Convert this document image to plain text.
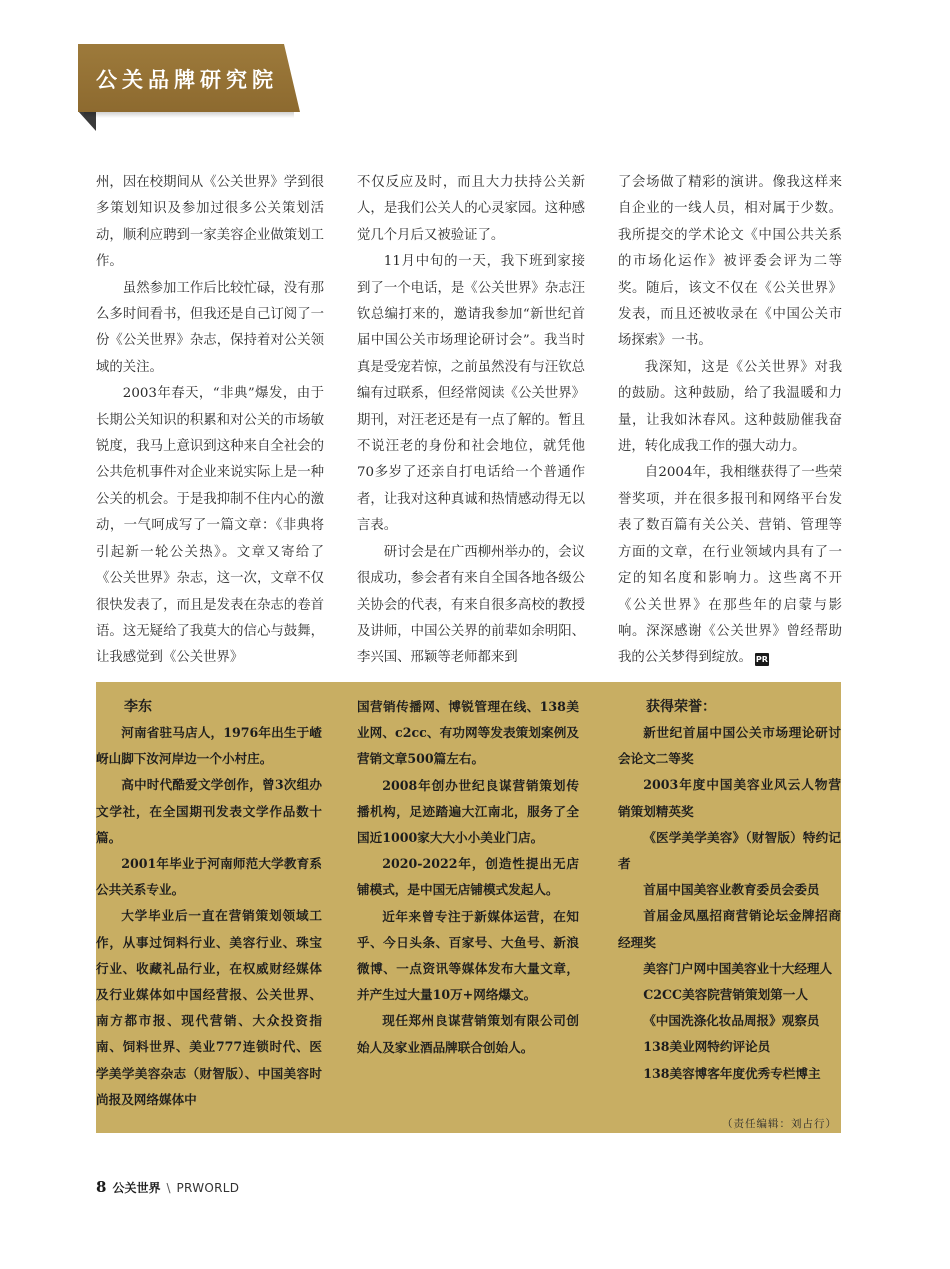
公关品牌研究院

州，因在校期间从《公关世界》学到很多策划知识及参加过很多公关策划活动，顺利应聘到一家美容企业做策划工作。

虽然参加工作后比较忙碌，没有那么多时间看书，但我还是自己订阅了一份《公关世界》杂志，保持着对公关领域的关注。

2003年春天，“非典”爆发，由于长期公关知识的积累和对公关的市场敏锐度，我马上意识到这种来自全社会的公共危机事件对企业来说实际上是一种公关的机会。于是我抑制不住内心的激动，一气呵成写了一篇文章：《非典将引起新一轮公关热》。文章又寄给了《公关世界》杂志，这一次，文章不仅很快发表了，而且是发表在杂志的卷首语。这无疑给了我莫大的信心与鼓舞，让我感觉到《公关世界》

不仅反应及时，而且大力扶持公关新人，是我们公关人的心灵家园。这种感觉几个月后又被验证了。

11月中旬的一天，我下班到家接到了一个电话，是《公关世界》杂志汪钦总编打来的，邀请我参加“新世纪首届中国公关市场理论研讨会”。我当时真是受宠若惊，之前虽然没有与汪钦总编有过联系，但经常阅读《公关世界》期刊，对汪老还是有一点了解的。暂且不说汪老的身份和社会地位，就凭他70多岁了还亲自打电话给一个普通作者，让我对这种真诚和热情感动得无以言表。

研讨会是在广西柳州举办的，会议很成功，参会者有来自全国各地各级公关协会的代表，有来自很多高校的教授及讲师，中国公关界的前辈如余明阳、李兴国、邢颖等老师都来到

了会场做了精彩的演讲。像我这样来自企业的一线人员，相对属于少数。我所提交的学术论文《中国公共关系的市场化运作》被评委会评为二等奖。随后，该文不仅在《公关世界》发表，而且还被收录在《中国公关市场探索》一书。

我深知，这是《公关世界》对我的鼓励。这种鼓励，给了我温暖和力量，让我如沐春风。这种鼓励催我奋进，转化成我工作的强大动力。

自2004年，我相继获得了一些荣誉奖项，并在很多报刊和网络平台发表了数百篇有关公关、营销、管理等方面的文章，在行业领域内具有了一定的知名度和影响力。这些离不开《公关世界》在那些年的启蒙与影响。深深感谢《公关世界》曾经帮助我的公关梦得到绽放。 PR

李东

河南省驻马店人，1976年出生于嵖岈山脚下汝河岸边一个小村庄。

高中时代酷爱文学创作，曾3次组办文学社，在全国期刊发表文学作品数十篇。

2001年毕业于河南师范大学教育系公共关系专业。

大学毕业后一直在营销策划领域工作，从事过饲料行业、美容行业、珠宝行业、收藏礼品行业，在权威财经媒体及行业媒体如中国经营报、公关世界、南方都市报、现代营销、大众投资指南、饲料世界、美业777连锁时代、医学美学美容杂志（财智版）、中国美容时尚报及网络媒体中

国营销传播网、博锐管理在线、138美业网、c2cc、有功网等发表策划案例及营销文章500篇左右。

2008年创办世纪良谋营销策划传播机构，足迹踏遍大江南北，服务了全国近1000家大大小小美业门店。

2020-2022年，创造性提出无店铺模式，是中国无店铺模式发起人。

近年来曾专注于新媒体运营，在知乎、今日头条、百家号、大鱼号、新浪微博、一点资讯等媒体发布大量文章，并产生过大量10万+网络爆文。

现任郑州良谋营销策划有限公司创始人及家业酒品牌联合创始人。

获得荣誉：

新世纪首届中国公关市场理论研讨会论文二等奖

2003年度中国美容业风云人物营销策划精英奖

《医学美学美容》（财智版）特约记者

首届中国美容业教育委员会委员

首届金凤凰招商营销论坛金牌招商经理奖

美容门户网中国美容业十大经理人

C2CC美容院营销策划第一人

《中国洗涤化妆品周报》观察员

138美业网特约评论员

138美容博客年度优秀专栏博主

（责任编辑：刘占行）
8 公关世界 \ PRWORLD
